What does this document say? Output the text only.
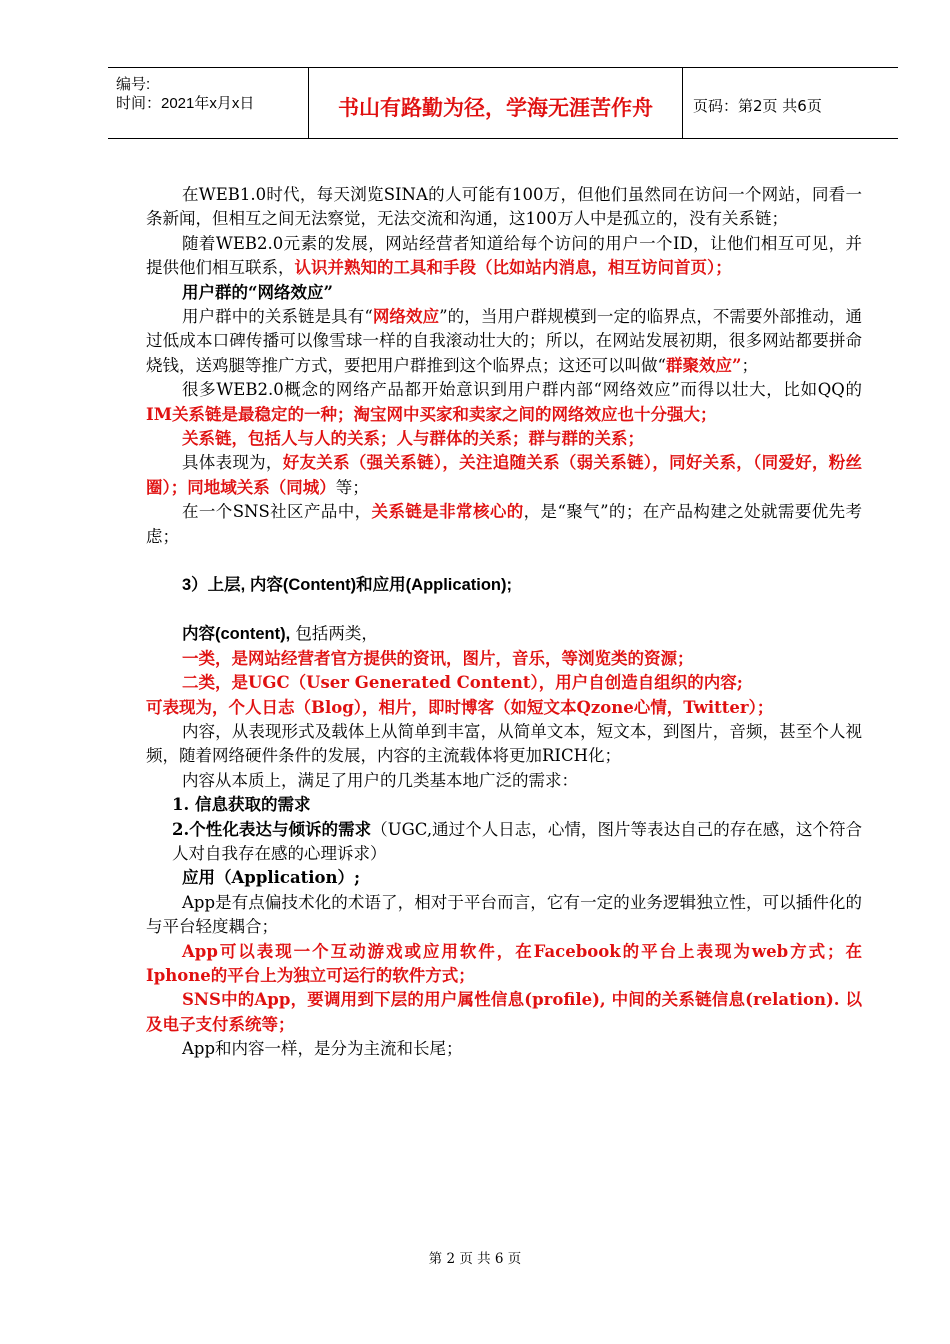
编号:
时间：2021年x月x日	书山有路勤为径，学海无涯苦作舟	页码：第2页 共6页

在WEB1.0时代，每天浏览SINA的人可能有100万，但他们虽然同在访问一个网站，同看一条新闻，但相互之间无法察觉，无法交流和沟通，这100万人中是孤立的，没有关系链；

随着WEB2.0元素的发展，网站经营者知道给每个访问的用户一个ID，让他们相互可见，并提供他们相互联系，认识并熟知的工具和手段（比如站内消息，相互访问首页）；

用户群的“网络效应”

用户群中的关系链是具有“网络效应”的，当用户群规模到一定的临界点，不需要外部推动，通过低成本口碑传播可以像雪球一样的自我滚动壮大的；所以，在网站发展初期，很多网站都要拼命烧钱，送鸡腿等推广方式，要把用户群推到这个临界点；这还可以叫做“群聚效应”；

很多WEB2.0概念的网络产品都开始意识到用户群内部“网络效应”而得以壮大，比如QQ的IM关系链是最稳定的一种；淘宝网中买家和卖家之间的网络效应也十分强大；

关系链，包括人与人的关系；人与群体的关系；群与群的关系；

具体表现为，好友关系（强关系链），关注追随关系（弱关系链），同好关系，（同爱好，粉丝圈）；同地域关系（同城）等；

在一个SNS社区产品中，关系链是非常核心的，是“聚气”的；在产品构建之处就需要优先考虑；

3）上层, 内容(Content)和应用(Application);

内容(content), 包括两类，

一类，是网站经营者官方提供的资讯，图片，音乐，等浏览类的资源；

二类，是UGC（User Generated Content），用户自创造自组织的内容;

可表现为，个人日志（Blog），相片，即时博客（如短文本Qzone心情，Twitter）；

内容，从表现形式及载体上从简单到丰富，从简单文本，短文本，到图片，音频，甚至个人视频，随着网络硬件条件的发展，内容的主流载体将更加RICH化；

内容从本质上，满足了用户的几类基本地广泛的需求：

1. 信息获取的需求

2.个性化表达与倾诉的需求（UGC,通过个人日志，心情，图片等表达自己的存在感，这个符合人对自我存在感的心理诉求）

应用（Application）;

App是有点偏技术化的术语了，相对于平台而言，它有一定的业务逻辑独立性，可以插件化的与平台轻度耦合；

App可以表现一个互动游戏或应用软件，在Facebook的平台上表现为web方式；在Iphone的平台上为独立可运行的软件方式；

SNS中的App，要调用到下层的用户属性信息(profile), 中间的关系链信息(relation). 以及电子支付系统等；

App和内容一样，是分为主流和长尾；

第 2 页 共 6 页
